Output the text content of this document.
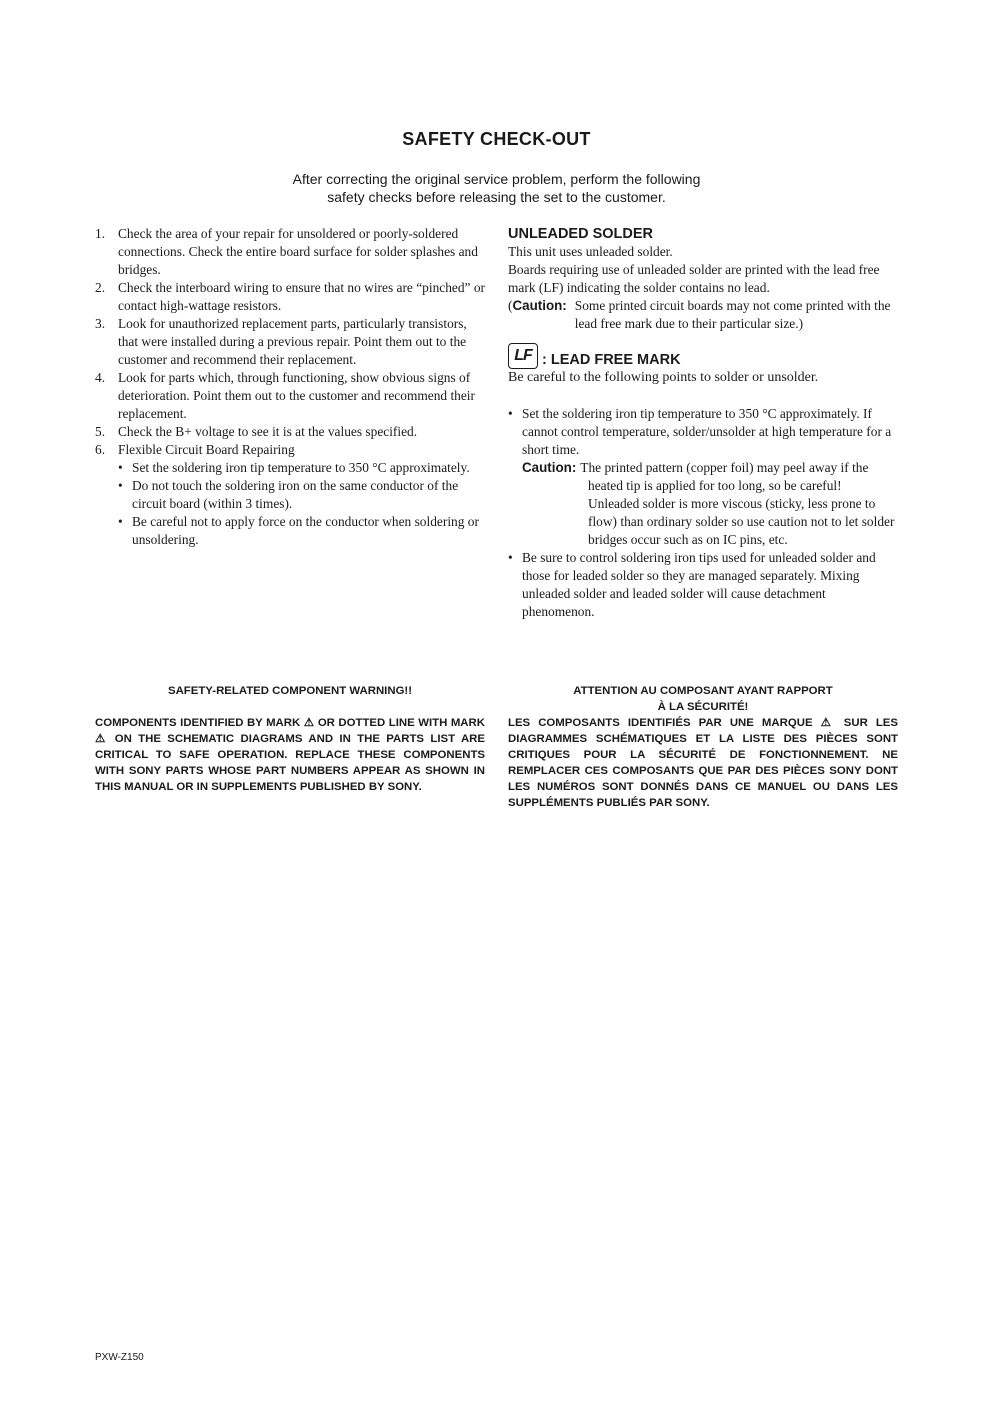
SAFETY CHECK-OUT

After correcting the original service problem, perform the following
safety checks before releasing the set to the customer.

1. Check the area of your repair for unsoldered or poorly-soldered connections. Check the entire board surface for solder splashes and bridges.
2. Check the interboard wiring to ensure that no wires are “pinched” or contact high-wattage resistors.
3. Look for unauthorized replacement parts, particularly transistors, that were installed during a previous repair. Point them out to the customer and recommend their replacement.
4. Look for parts which, through functioning, show obvious signs of deterioration. Point them out to the customer and recommend their replacement.
5. Check the B+ voltage to see it is at the values specified.
6. Flexible Circuit Board Repairing
• Set the soldering iron tip temperature to 350 °C approximately.
• Do not touch the soldering iron on the same conductor of the circuit board (within 3 times).
• Be careful not to apply force on the conductor when soldering or unsoldering.

UNLEADED SOLDER

This unit uses unleaded solder.

Boards requiring use of unleaded solder are printed with the lead free mark (LF) indicating the solder contains no lead.

( Caution: Some printed circuit boards may not come printed with the lead free mark due to their particular size.)
LF : LEAD FREE MARK

Be careful to the following points to solder or unsolder.

• Set the soldering iron tip temperature to 350 °C approximately. If cannot control temperature, solder/unsolder at high temperature for a short time.
Caution: The printed pattern (copper foil) may peel away if the
heated tip is applied for too long, so be careful!
Unleaded solder is more viscous (sticky, less prone to flow) than ordinary solder so use caution not to let solder bridges occur such as on IC pins, etc.
• Be sure to control soldering iron tips used for unleaded solder and those for leaded solder so they are managed separately. Mixing unleaded solder and leaded solder will cause detachment phenomenon.

SAFETY-RELATED COMPONENT WARNING!!

COMPONENTS IDENTIFIED BY MARK ⚠ OR DOTTED LINE WITH MARK ⚠ ON THE SCHEMATIC DIAGRAMS AND IN THE PARTS LIST ARE CRITICAL TO SAFE OPERATION. REPLACE THESE COMPONENTS WITH SONY PARTS WHOSE PART NUMBERS APPEAR AS SHOWN IN THIS MANUAL OR IN SUPPLEMENTS PUBLISHED BY SONY.

ATTENTION AU COMPOSANT AYANT RAPPORT
À LA SÉCURITÉ!

LES COMPOSANTS IDENTIFIÉS PAR UNE MARQUE ⚠ SUR LES DIAGRAMMES SCHÉMATIQUES ET LA LISTE DES PIÈCES SONT CRITIQUES POUR LA SÉCURITÉ DE FONCTIONNEMENT. NE REMPLACER CES COMPOSANTS QUE PAR DES PIÈCES SONY DONT LES NUMÉROS SONT DONNÉS DANS CE MANUEL OU DANS LES SUPPLÉMENTS PUBLIÉS PAR SONY.

PXW-Z150
